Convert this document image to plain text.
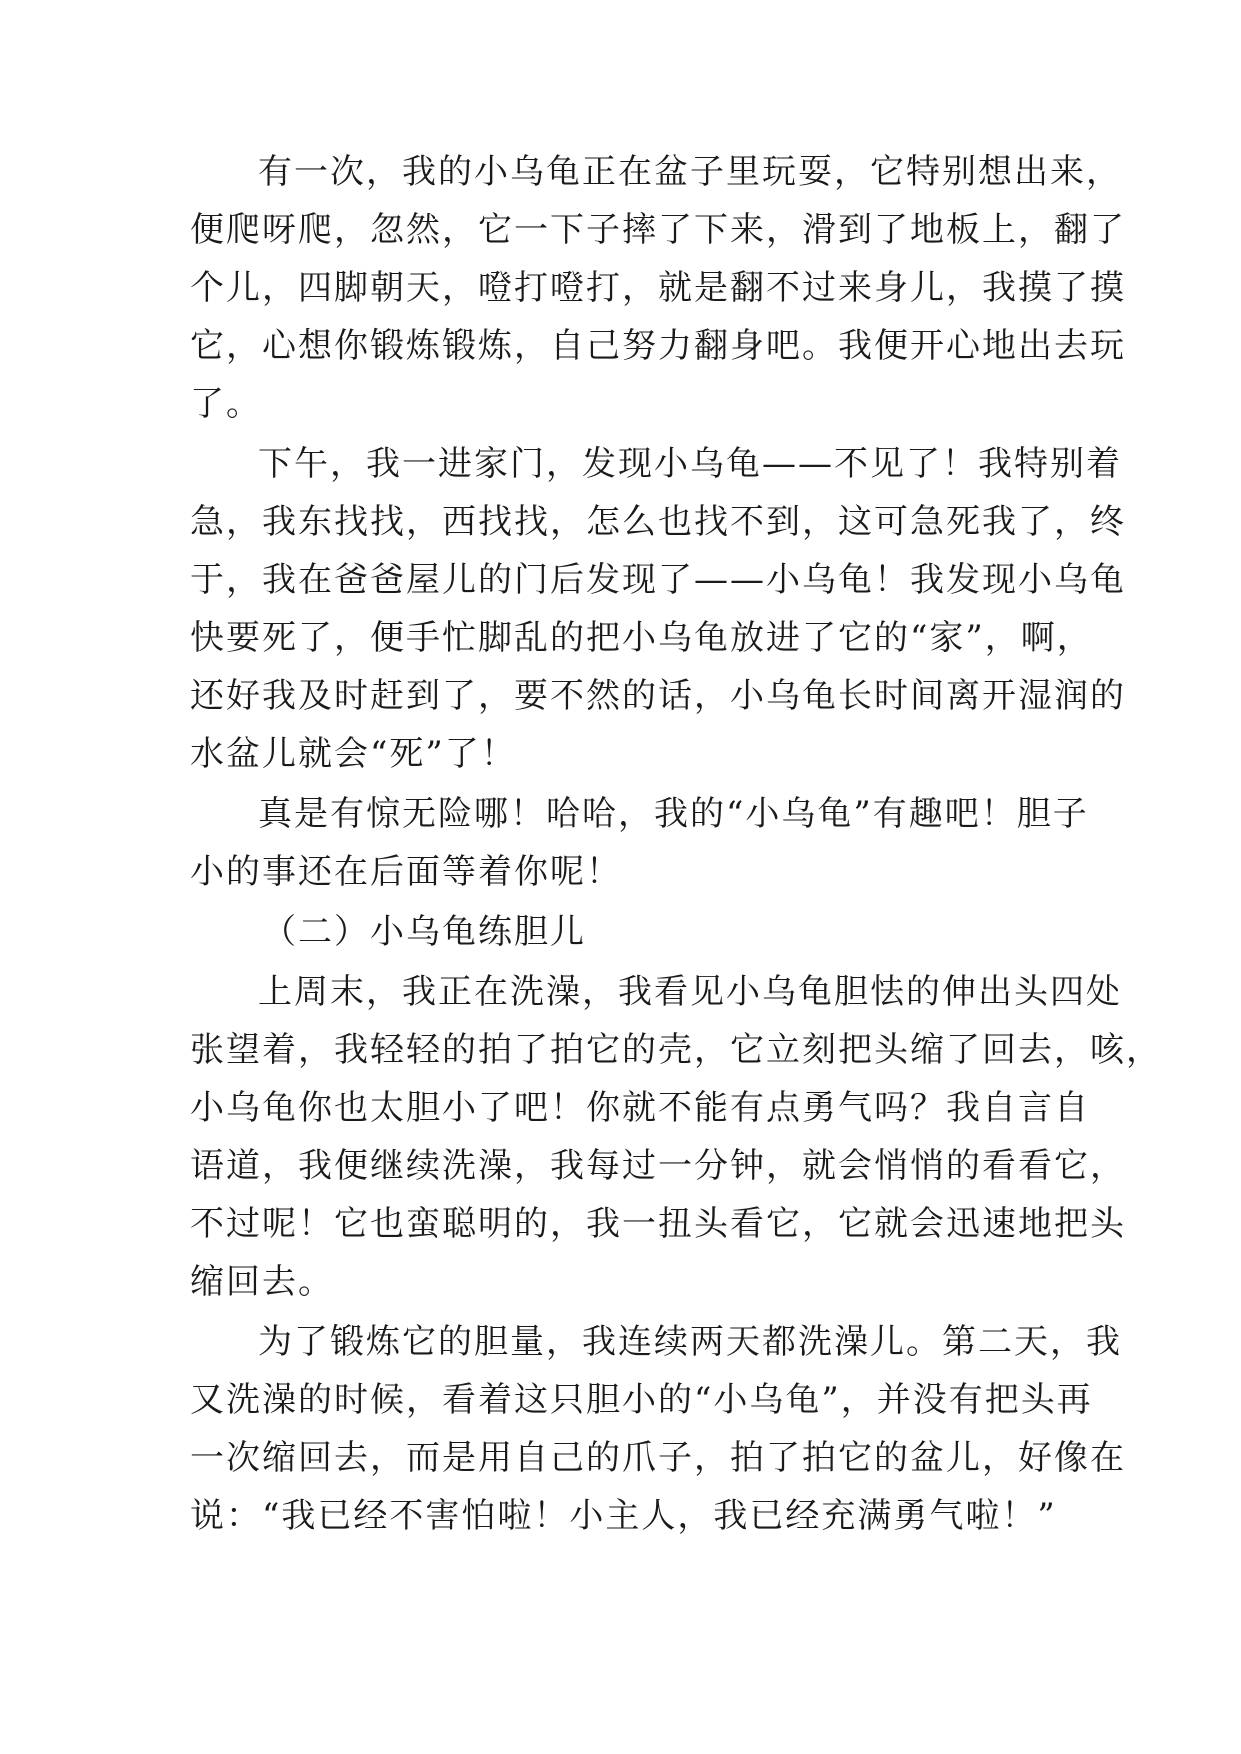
有一次，我的小乌龟正在盆子里玩耍，它特别想出来，
便爬呀爬，忽然，它一下子摔了下来，滑到了地板上，翻了
个儿，四脚朝天，噔打噔打，就是翻不过来身儿，我摸了摸
它，心想你锻炼锻炼，自己努力翻身吧。我便开心地出去玩
了。
下午，我一进家门，发现小乌龟——不见了！我特别着
急，我东找找，西找找，怎么也找不到，这可急死我了，终
于，我在爸爸屋儿的门后发现了——小乌龟！我发现小乌龟
快要死了，便手忙脚乱的把小乌龟放进了它的“家”，啊，
还好我及时赶到了，要不然的话，小乌龟长时间离开湿润的
水盆儿就会“死”了！
真是有惊无险哪！哈哈，我的“小乌龟”有趣吧！胆子
小的事还在后面等着你呢！
（二）小乌龟练胆儿
上周末，我正在洗澡，我看见小乌龟胆怯的伸出头四处
张望着，我轻轻的拍了拍它的壳，它立刻把头缩了回去，咳，
小乌龟你也太胆小了吧！你就不能有点勇气吗？我自言自
语道，我便继续洗澡，我每过一分钟，就会悄悄的看看它，
不过呢！它也蛮聪明的，我一扭头看它，它就会迅速地把头
缩回去。
为了锻炼它的胆量，我连续两天都洗澡儿。第二天，我
又洗澡的时候，看着这只胆小的“小乌龟”，并没有把头再
一次缩回去，而是用自己的爪子，拍了拍它的盆儿，好像在
说：“我已经不害怕啦！小主人，我已经充满勇气啦！”
